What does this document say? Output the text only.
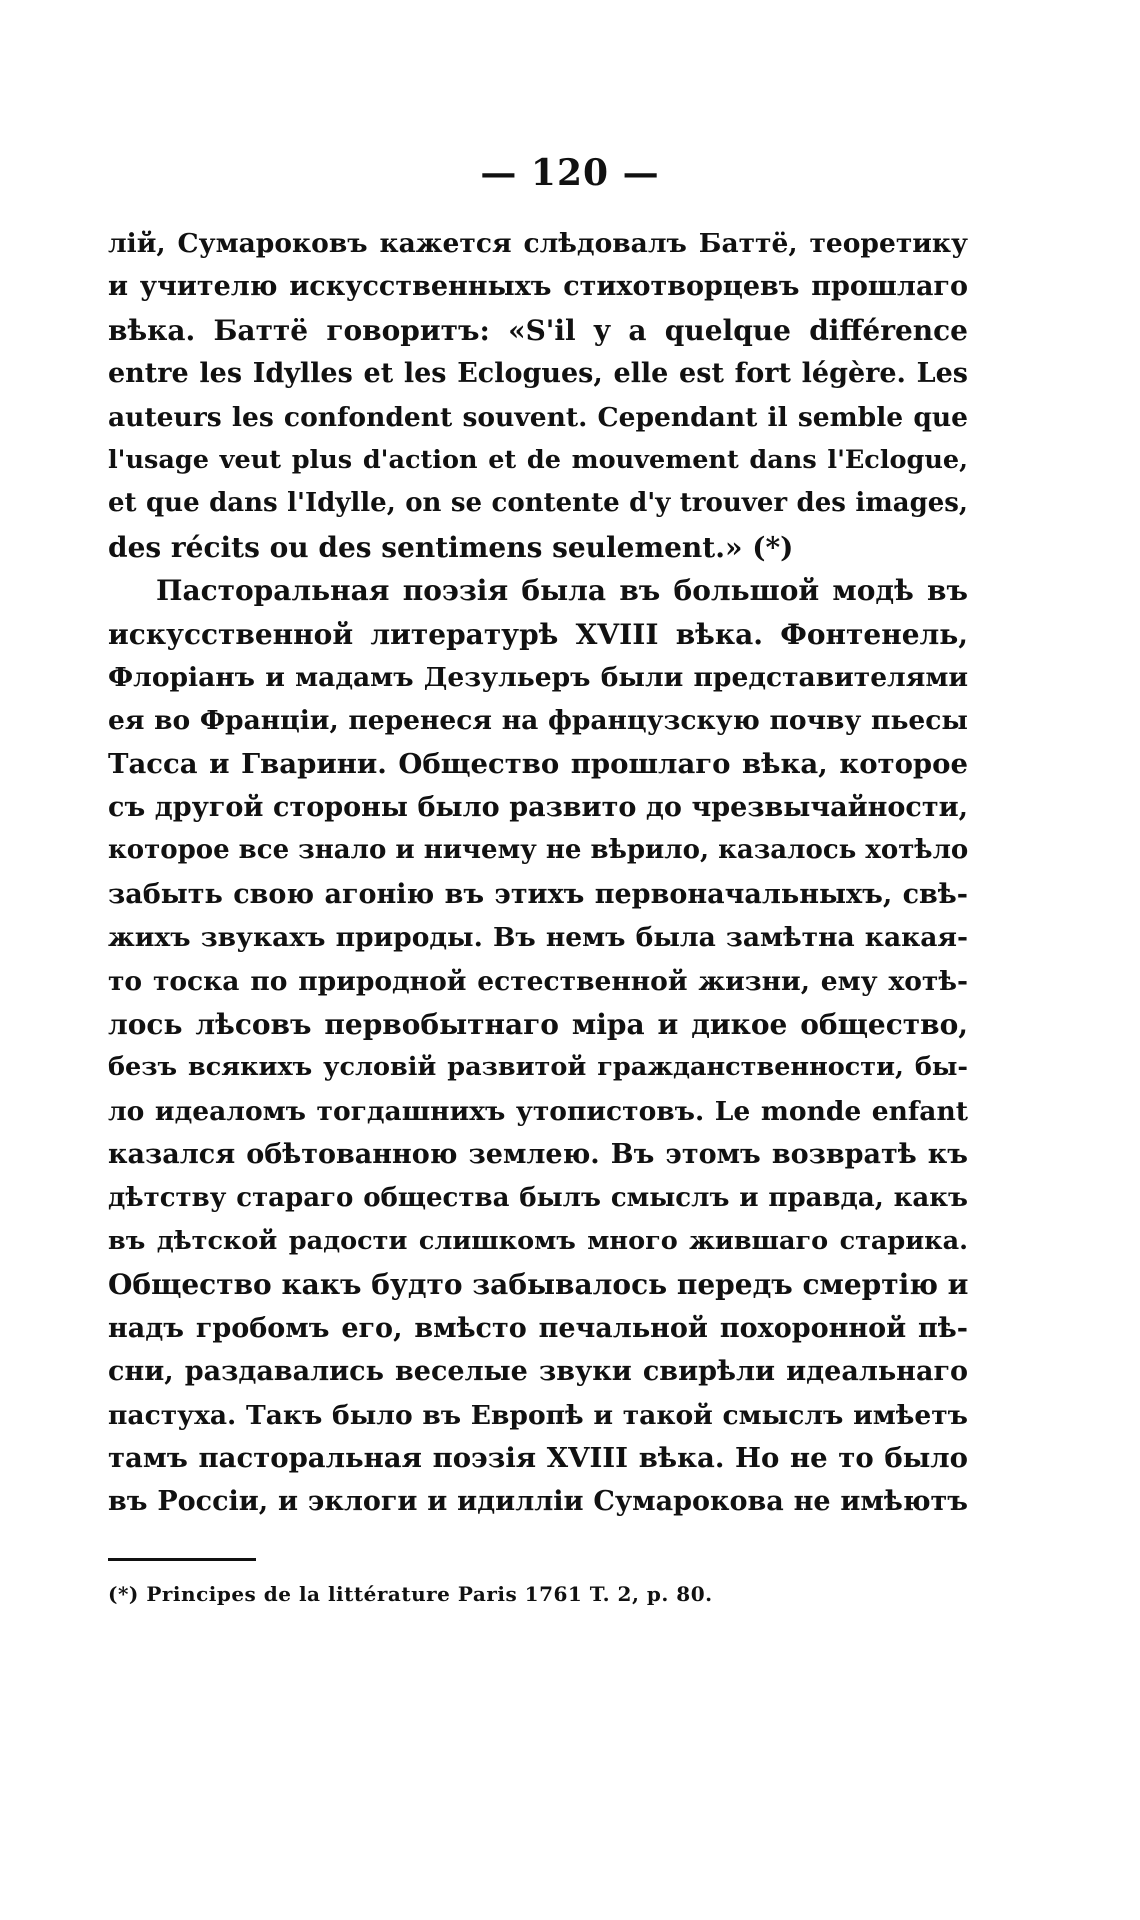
— 120 —
лій, Сумароковъ кажется слѣдовалъ Баттё, теоретику
и учителю искусственныхъ стихотворцевъ прошлаго
вѣка. Баттё говоритъ: «S'il y a quelque différence
entre les Idylles et les Eclogues, elle est fort légère. Les
auteurs les confondent souvent. Cependant il semble que
l'usage veut plus d'action et de mouvement dans l'Eclogue,
et que dans l'Idylle, on se contente d'y trouver des images,
des récits ou des sentimens seulement.» (*)
Пасторальная поэзія была въ большой модѣ въ
искусственной литературѣ XVIII вѣка. Фонтенель,
Флоріанъ и мадамъ Дезульеръ были представителями
ея во Франціи, перенеся на французскую почву пьесы
Тасса и Гварини. Общество прошлаго вѣка, которое
съ другой стороны было развито до чрезвычайности,
которое все знало и ничему не вѣрило, казалось хотѣло
забыть свою агонію въ этихъ первоначальныхъ, свѣ-
жихъ звукахъ природы. Въ немъ была замѣтна какая-
то тоска по природной естественной жизни, ему хотѣ-
лось лѣсовъ первобытнаго міра и дикое общество,
безъ всякихъ условій развитой гражданственности, бы-
ло идеаломъ тогдашнихъ утопистовъ. Le monde enfant
казался обѣтованною землею. Въ этомъ возвратѣ къ
дѣтству стараго общества былъ смыслъ и правда, какъ
въ дѣтской радости слишкомъ много жившаго старика.
Общество какъ будто забывалось передъ смертію и
надъ гробомъ его, вмѣсто печальной похоронной пѣ-
сни, раздавались веселые звуки свирѣли идеальнаго
пастуха. Такъ было въ Европѣ и такой смыслъ имѣетъ
тамъ пасторальная поэзія XVIII вѣка. Но не то было
въ Россіи, и эклоги и идилліи Сумарокова не имѣютъ
(*) Principes de la littérature Paris 1761 T. 2, p. 80.
